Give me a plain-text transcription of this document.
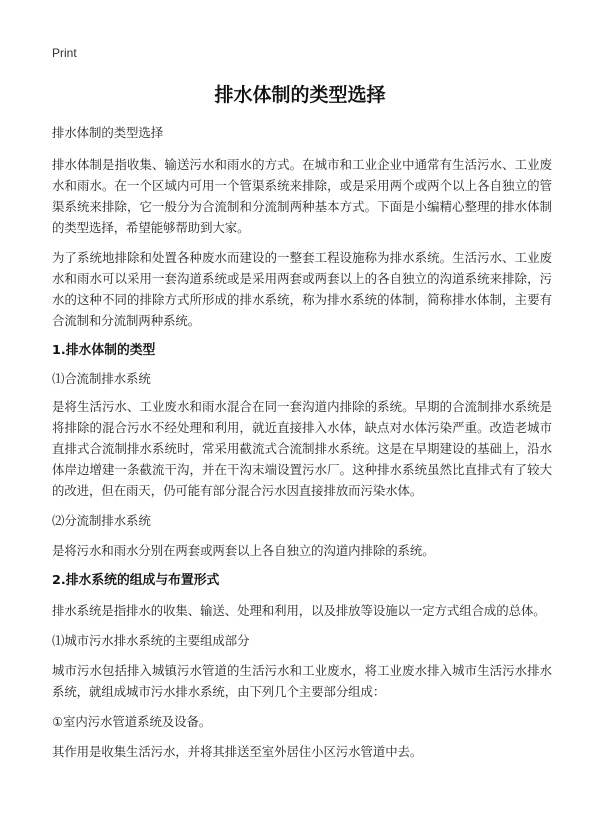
Print
排水体制的类型选择

排水体制的类型选择

排水体制是指收集、输送污水和雨水的方式。在城市和工业企业中通常有生活污水、工业废水和雨水。在一个区域内可用一个管渠系统来排除，或是采用两个或两个以上各自独立的管渠系统来排除，它一般分为合流制和分流制两种基本方式。下面是小编精心整理的排水体制的类型选择，希望能够帮助到大家。

为了系统地排除和处置各种废水而建设的一整套工程设施称为排水系统。生活污水、工业废水和雨水可以采用一套沟道系统或是采用两套或两套以上的各自独立的沟道系统来排除，污水的这种不同的排除方式所形成的排水系统，称为排水系统的体制，简称排水体制，主要有合流制和分流制两种系统。

1.排水体制的类型

⑴合流制排水系统

是将生活污水、工业废水和雨水混合在同一套沟道内排除的系统。早期的合流制排水系统是将排除的混合污水不经处理和利用，就近直接排入水体，缺点对水体污染严重。改造老城市直排式合流制排水系统时，常采用截流式合流制排水系统。这是在早期建设的基础上，沿水体岸边增建一条截流干沟，并在干沟末端设置污水厂。这种排水系统虽然比直排式有了较大的改进，但在雨天，仍可能有部分混合污水因直接排放而污染水体。

⑵分流制排水系统

是将污水和雨水分别在两套或两套以上各自独立的沟道内排除的系统。

2.排水系统的组成与布置形式

排水系统是指排水的收集、输送、处理和利用，以及排放等设施以一定方式组合成的总体。

⑴城市污水排水系统的主要组成部分

城市污水包括排入城镇污水管道的生活污水和工业废水，将工业废水排入城市生活污水排水系统，就组成城市污水排水系统，由下列几个主要部分组成：

①室内污水管道系统及设备。

其作用是收集生活污水，并将其排送至室外居住小区污水管道中去。
